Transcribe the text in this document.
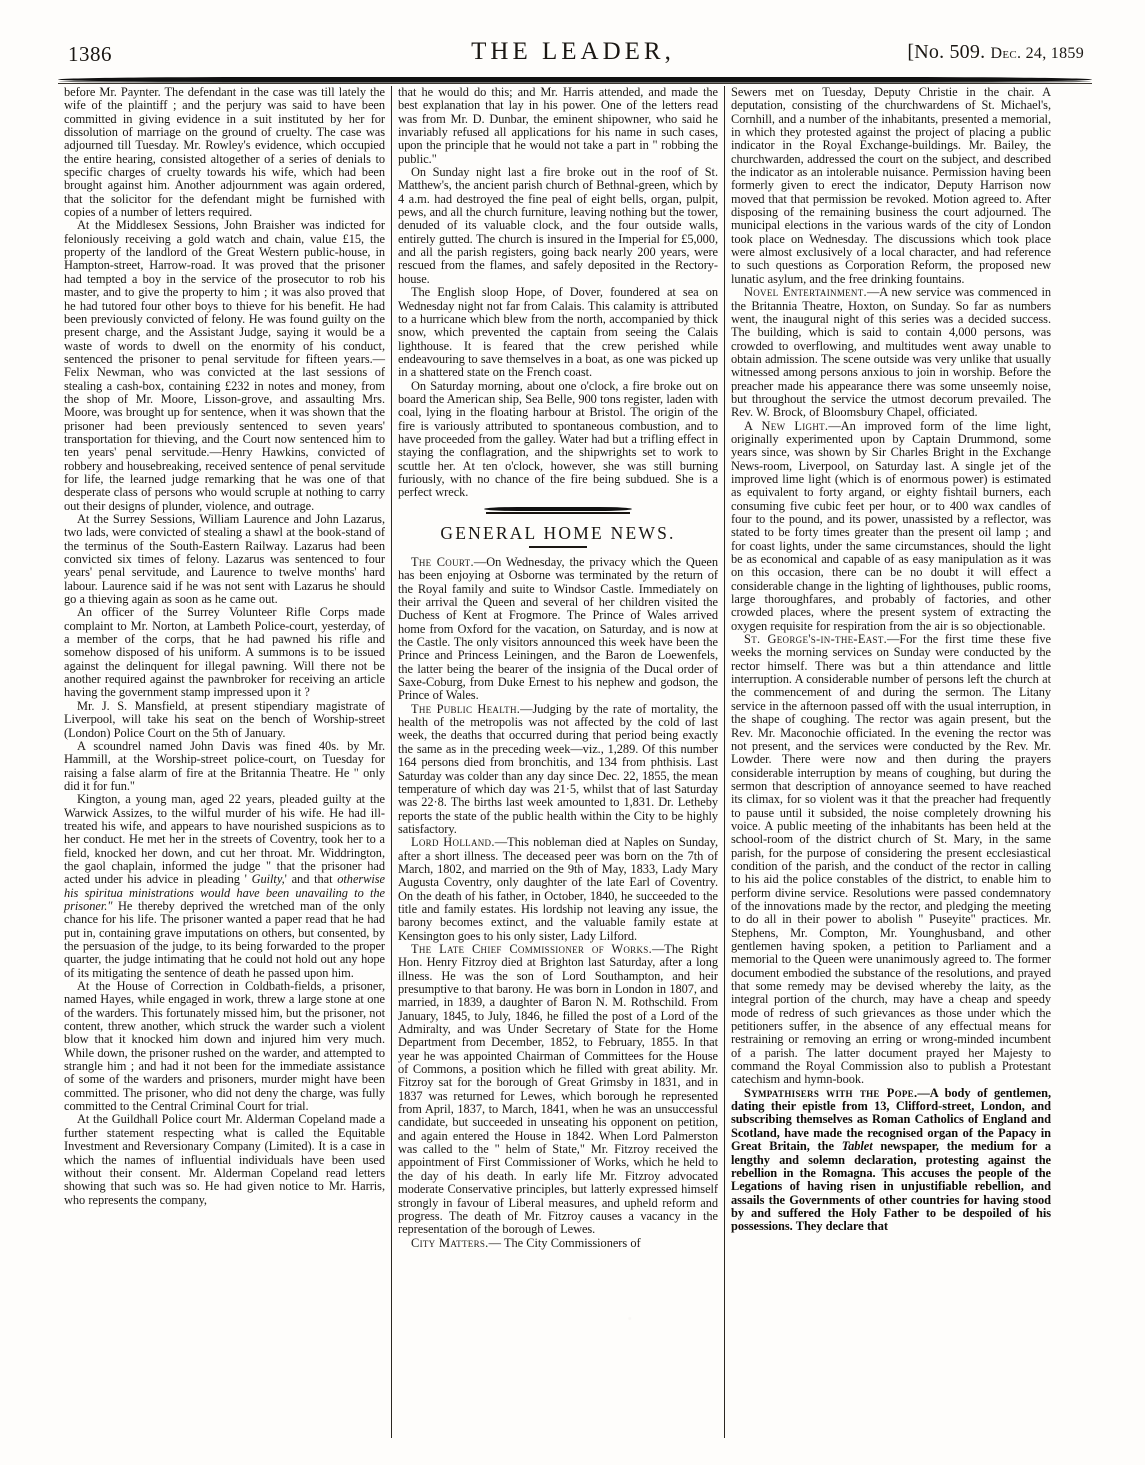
1386	THE LEADER,	[No. 509. Dec. 24, 1859

before Mr. Paynter. The defendant in the case was till lately the wife of the plaintiff ; and the perjury was said to have been committed in giving evidence in a suit instituted by her for dissolution of marriage on the ground of cruelty. The case was adjourned till Tuesday. Mr. Rowley's evidence, which occupied the entire hearing, consisted altogether of a series of denials to specific charges of cruelty towards his wife, which had been brought against him. Another adjournment was again ordered, that the solicitor for the defendant might be furnished with copies of a number of letters required.

At the Middlesex Sessions, John Braisher was indicted for feloniously receiving a gold watch and chain, value £15, the property of the landlord of the Great Western public-house, in Hampton-street, Harrow-road. It was proved that the prisoner had tempted a boy in the service of the prosecutor to rob his master, and to give the property to him ; it was also proved that he had tutored four other boys to thieve for his benefit. He had been previously convicted of felony. He was found guilty on the present charge, and the Assistant Judge, saying it would be a waste of words to dwell on the enormity of his conduct, sentenced the prisoner to penal servitude for fifteen years.—Felix Newman, who was convicted at the last sessions of stealing a cash-box, containing £232 in notes and money, from the shop of Mr. Moore, Lisson-grove, and assaulting Mrs. Moore, was brought up for sentence, when it was shown that the prisoner had been previously sentenced to seven years' transportation for thieving, and the Court now sentenced him to ten years' penal servitude.—Henry Hawkins, convicted of robbery and housebreaking, received sentence of penal servitude for life, the learned judge remarking that he was one of that desperate class of persons who would scruple at nothing to carry out their designs of plunder, violence, and outrage.

At the Surrey Sessions, William Laurence and John Lazarus, two lads, were convicted of stealing a shawl at the book-stand of the terminus of the South-Eastern Railway. Lazarus had been convicted six times of felony. Lazarus was sentenced to four years' penal servitude, and Laurence to twelve months' hard labour. Laurence said if he was not sent with Lazarus he should go a thieving again as soon as he came out.

An officer of the Surrey Volunteer Rifle Corps made complaint to Mr. Norton, at Lambeth Police-court, yesterday, of a member of the corps, that he had pawned his rifle and somehow disposed of his uniform. A summons is to be issued against the delinquent for illegal pawning. Will there not be another required against the pawnbroker for receiving an article having the government stamp impressed upon it ?

Mr. J. S. Mansfield, at present stipendiary magistrate of Liverpool, will take his seat on the bench of Worship-street (London) Police Court on the 5th of January.

A scoundrel named John Davis was fined 40s. by Mr. Hammill, at the Worship-street police-court, on Tuesday for raising a false alarm of fire at the Britannia Theatre. He " only did it for fun."

Kington, a young man, aged 22 years, pleaded guilty at the Warwick Assizes, to the wilful murder of his wife. He had ill-treated his wife, and appears to have nourished suspicions as to her conduct. He met her in the streets of Coventry, took her to a field, knocked her down, and cut her throat. Mr. Widdrington, the gaol chaplain, informed the judge " that the prisoner had acted under his advice in pleading ' Guilty,' and that otherwise his spiritua ministrations would have been unavailing to the prisoner." He thereby deprived the wretched man of the only chance for his life. The prisoner wanted a paper read that he had put in, containing grave imputations on others, but consented, by the persuasion of the judge, to its being forwarded to the proper quarter, the judge intimating that he could not hold out any hope of its mitigating the sentence of death he passed upon him.

At the House of Correction in Coldbath-fields, a prisoner, named Hayes, while engaged in work, threw a large stone at one of the warders. This fortunately missed him, but the prisoner, not content, threw another, which struck the warder such a violent blow that it knocked him down and injured him very much. While down, the prisoner rushed on the warder, and attempted to strangle him ; and had it not been for the immediate assistance of some of the warders and prisoners, murder might have been committed. The prisoner, who did not deny the charge, was fully committed to the Central Criminal Court for trial.

At the Guildhall Police court Mr. Alderman Copeland made a further statement respecting what is called the Equitable Investment and Reversionary Company (Limited). It is a case in which the names of influential individuals have been used without their consent. Mr. Alderman Copeland read letters showing that such was so. He had given notice to Mr. Harris, who represents the company,

that he would do this; and Mr. Harris attended, and made the best explanation that lay in his power. One of the letters read was from Mr. D. Dunbar, the eminent shipowner, who said he invariably refused all applications for his name in such cases, upon the principle that he would not take a part in " robbing the public."

On Sunday night last a fire broke out in the roof of St. Matthew's, the ancient parish church of Bethnal-green, which by 4 a.m. had destroyed the fine peal of eight bells, organ, pulpit, pews, and all the church furniture, leaving nothing but the tower, denuded of its valuable clock, and the four outside walls, entirely gutted. The church is insured in the Imperial for £5,000, and all the parish registers, going back nearly 200 years, were rescued from the flames, and safely deposited in the Rectory-house.

The English sloop Hope, of Dover, foundered at sea on Wednesday night not far from Calais. This calamity is attributed to a hurricane which blew from the north, accompanied by thick snow, which prevented the captain from seeing the Calais lighthouse. It is feared that the crew perished while endeavouring to save themselves in a boat, as one was picked up in a shattered state on the French coast.

On Saturday morning, about one o'clock, a fire broke out on board the American ship, Sea Belle, 900 tons register, laden with coal, lying in the floating harbour at Bristol. The origin of the fire is variously attributed to spontaneous combustion, and to have proceeded from the galley. Water had but a trifling effect in staying the conflagration, and the shipwrights set to work to scuttle her. At ten o'clock, however, she was still burning furiously, with no chance of the fire being subdued. She is a perfect wreck.

GENERAL HOME NEWS.

The Court.—On Wednesday, the privacy which the Queen has been enjoying at Osborne was terminated by the return of the Royal family and suite to Windsor Castle. Immediately on their arrival the Queen and several of her children visited the Duchess of Kent at Frogmore. The Prince of Wales arrived home from Oxford for the vacation, on Saturday, and is now at the Castle. The only visitors announced this week have been the Prince and Princess Leiningen, and the Baron de Loewenfels, the latter being the bearer of the insignia of the Ducal order of Saxe-Coburg, from Duke Ernest to his nephew and godson, the Prince of Wales.

The Public Health.—Judging by the rate of mortality, the health of the metropolis was not affected by the cold of last week, the deaths that occurred during that period being exactly the same as in the preceding week—viz., 1,289. Of this number 164 persons died from bronchitis, and 134 from phthisis. Last Saturday was colder than any day since Dec. 22, 1855, the mean temperature of which day was 21·5, whilst that of last Saturday was 22·8. The births last week amounted to 1,831. Dr. Letheby reports the state of the public health within the City to be highly satisfactory.

Lord Holland.—This nobleman died at Naples on Sunday, after a short illness. The deceased peer was born on the 7th of March, 1802, and married on the 9th of May, 1833, Lady Mary Augusta Coventry, only daughter of the late Earl of Coventry. On the death of his father, in October, 1840, he succeeded to the title and family estates. His lordship not leaving any issue, the barony becomes extinct, and the valuable family estate at Kensington goes to his only sister, Lady Lilford.

The Late Chief Commissioner of Works.—The Right Hon. Henry Fitzroy died at Brighton last Saturday, after a long illness. He was the son of Lord Southampton, and heir presumptive to that barony. He was born in London in 1807, and married, in 1839, a daughter of Baron N. M. Rothschild. From January, 1845, to July, 1846, he filled the post of a Lord of the Admiralty, and was Under Secretary of State for the Home Department from December, 1852, to February, 1855. In that year he was appointed Chairman of Committees for the House of Commons, a position which he filled with great ability. Mr. Fitzroy sat for the borough of Great Grimsby in 1831, and in 1837 was returned for Lewes, which borough he represented from April, 1837, to March, 1841, when he was an unsuccessful candidate, but succeeded in unseating his opponent on petition, and again entered the House in 1842. When Lord Palmerston was called to the " helm of State," Mr. Fitzroy received the appointment of First Commissioner of Works, which he held to the day of his death. In early life Mr. Fitzroy advocated moderate Conservative principles, but latterly expressed himself strongly in favour of Liberal measures, and upheld reform and progress. The death of Mr. Fitzroy causes a vacancy in the representation of the borough of Lewes.

City Matters.— The City Commissioners of

Sewers met on Tuesday, Deputy Christie in the chair. A deputation, consisting of the churchwardens of St. Michael's, Cornhill, and a number of the inhabitants, presented a memorial, in which they protested against the project of placing a public indicator in the Royal Exchange-buildings. Mr. Bailey, the churchwarden, addressed the court on the subject, and described the indicator as an intolerable nuisance. Permission having been formerly given to erect the indicator, Deputy Harrison now moved that that permission be revoked. Motion agreed to. After disposing of the remaining business the court adjourned. The municipal elections in the various wards of the city of London took place on Wednesday. The discussions which took place were almost exclusively of a local character, and had reference to such questions as Corporation Reform, the proposed new lunatic asylum, and the free drinking fountains.

Novel Entertainment.—A new service was commenced in the Britannia Theatre, Hoxton, on Sunday. So far as numbers went, the inaugural night of this series was a decided success. The building, which is said to contain 4,000 persons, was crowded to overflowing, and multitudes went away unable to obtain admission. The scene outside was very unlike that usually witnessed among persons anxious to join in worship. Before the preacher made his appearance there was some unseemly noise, but throughout the service the utmost decorum prevailed. The Rev. W. Brock, of Bloomsbury Chapel, officiated.

A New Light.—An improved form of the lime light, originally experimented upon by Captain Drummond, some years since, was shown by Sir Charles Bright in the Exchange News-room, Liverpool, on Saturday last. A single jet of the improved lime light (which is of enormous power) is estimated as equivalent to forty argand, or eighty fishtail burners, each consuming five cubic feet per hour, or to 400 wax candles of four to the pound, and its power, unassisted by a reflector, was stated to be forty times greater than the present oil lamp ; and for coast lights, under the same circumstances, should the light be as economical and capable of as easy manipulation as it was on this occasion, there can be no doubt it will effect a considerable change in the lighting of lighthouses, public rooms, large thoroughfares, and probably of factories, and other crowded places, where the present system of extracting the oxygen requisite for respiration from the air is so objectionable.

St. George's-in-the-East.—For the first time these five weeks the morning services on Sunday were conducted by the rector himself. There was but a thin attendance and little interruption. A considerable number of persons left the church at the commencement of and during the sermon. The Litany service in the afternoon passed off with the usual interruption, in the shape of coughing. The rector was again present, but the Rev. Mr. Maconochie officiated. In the evening the rector was not present, and the services were conducted by the Rev. Mr. Lowder. There were now and then during the prayers considerable interruption by means of coughing, but during the sermon that description of annoyance seemed to have reached its climax, for so violent was it that the preacher had frequently to pause until it subsided, the noise completely drowning his voice. A public meeting of the inhabitants has been held at the school-room of the district church of St. Mary, in the same parish, for the purpose of considering the present ecclesiastical condition of the parish, and the conduct of the rector in calling to his aid the police constables of the district, to enable him to perform divine service. Resolutions were passed condemnatory of the innovations made by the rector, and pledging the meeting to do all in their power to abolish " Puseyite" practices. Mr. Stephens, Mr. Compton, Mr. Younghusband, and other gentlemen having spoken, a petition to Parliament and a memorial to the Queen were unanimously agreed to. The former document embodied the substance of the resolutions, and prayed that some remedy may be devised whereby the laity, as the integral portion of the church, may have a cheap and speedy mode of redress of such grievances as those under which the petitioners suffer, in the absence of any effectual means for restraining or removing an erring or wrong-minded incumbent of a parish. The latter document prayed her Majesty to command the Royal Commission also to publish a Protestant catechism and hymn-book.

Sympathisers with the Pope.—A body of gentlemen, dating their epistle from 13, Clifford-street, London, and subscribing themselves as Roman Catholics of England and Scotland, have made the recognised organ of the Papacy in Great Britain, the Tablet newspaper, the medium for a lengthy and solemn declaration, protesting against the rebellion in the Romagna. This accuses the people of the Legations of having risen in unjustifiable rebellion, and assails the Governments of other countries for having stood by and suffered the Holy Father to be despoiled of his possessions. They declare that
